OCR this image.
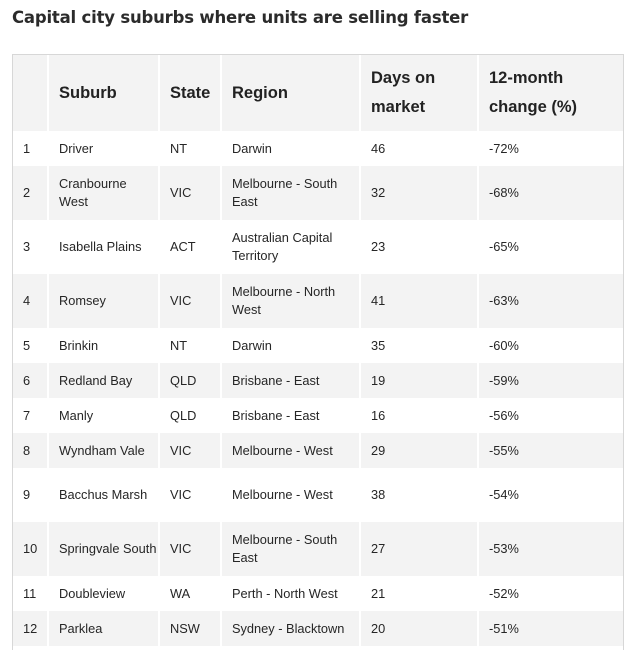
Capital city suburbs where units are selling faster
	Suburb	State	Region	Days on market	12-month change (%)
1	Driver	NT	Darwin	46	-72%
2	Cranbourne West	VIC	Melbourne - South East	32	-68%
3	Isabella Plains	ACT	Australian Capital Territory	23	-65%
4	Romsey	VIC	Melbourne - North West	41	-63%
5	Brinkin	NT	Darwin	35	-60%
6	Redland Bay	QLD	Brisbane - East	19	-59%
7	Manly	QLD	Brisbane - East	16	-56%
8	Wyndham Vale	VIC	Melbourne - West	29	-55%
9	Bacchus Marsh	VIC	Melbourne - West	38	-54%
10	Springvale South	VIC	Melbourne - South East	27	-53%
11	Doubleview	WA	Perth - North West	21	-52%
12	Parklea	NSW	Sydney - Blacktown	20	-51%
